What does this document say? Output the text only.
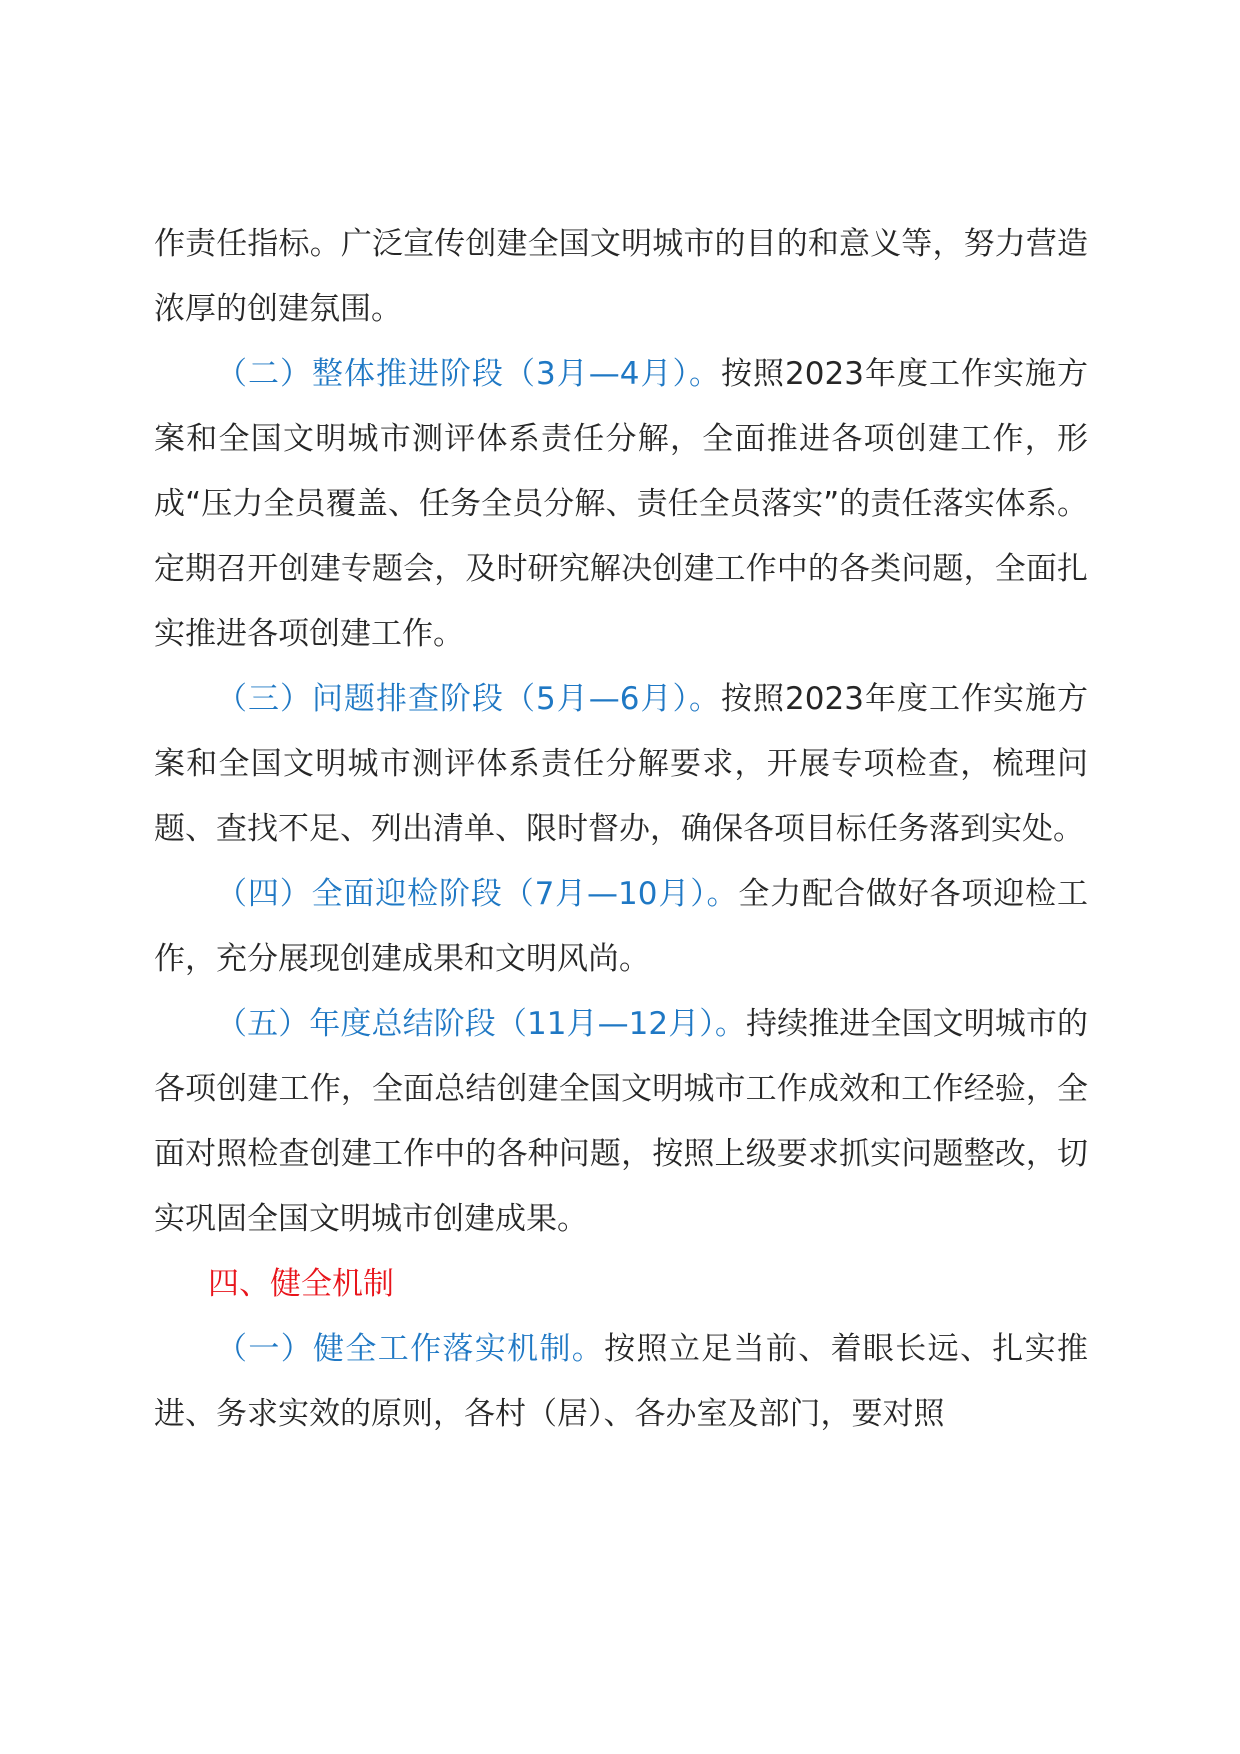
作责任指标。广泛宣传创建全国文明城市的目的和意义等，努力营造浓厚的创建氛围。

（二）整体推进阶段（3月—4月）。按照2023年度工作实施方案和全国文明城市测评体系责任分解，全面推进各项创建工作，形成“压力全员覆盖、任务全员分解、责任全员落实”的责任落实体系。定期召开创建专题会，及时研究解决创建工作中的各类问题，全面扎实推进各项创建工作。

（三）问题排查阶段（5月—6月）。按照2023年度工作实施方案和全国文明城市测评体系责任分解要求，开展专项检查，梳理问题、查找不足、列出清单、限时督办，确保各项目标任务落到实处。

（四）全面迎检阶段（7月—10月）。全力配合做好各项迎检工作，充分展现创建成果和文明风尚。

（五）年度总结阶段（11月—12月）。持续推进全国文明城市的各项创建工作，全面总结创建全国文明城市工作成效和工作经验，全面对照检查创建工作中的各种问题，按照上级要求抓实问题整改，切实巩固全国文明城市创建成果。

四、健全机制

（一）健全工作落实机制。按照立足当前、着眼长远、扎实推进、务求实效的原则，各村（居）、各办室及部门，要对照
